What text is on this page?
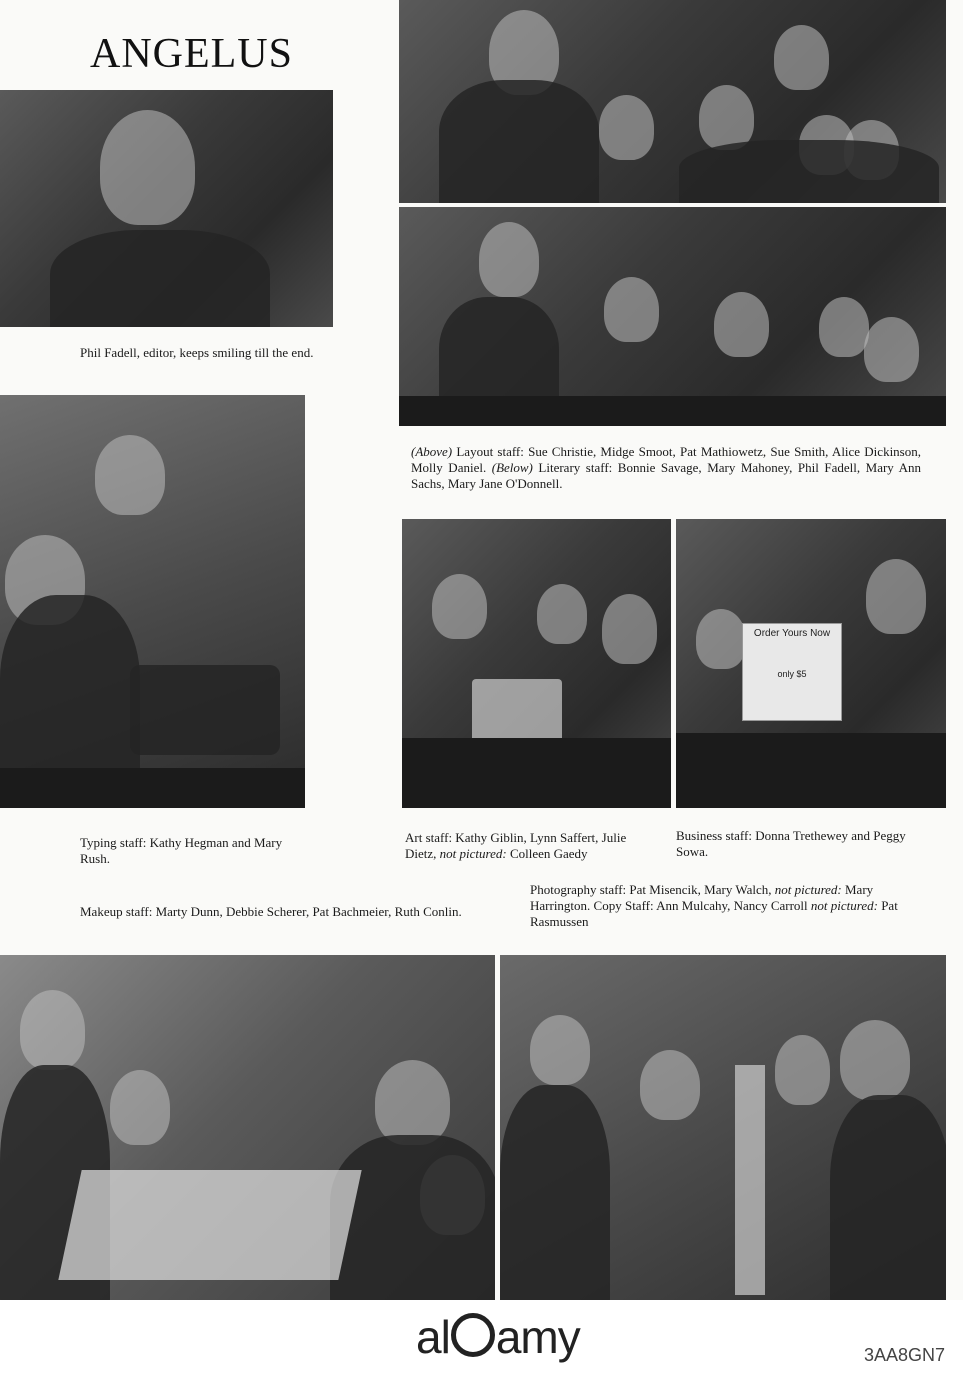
ANGELUS
Phil Fadell, editor, keeps smiling till the end.
(Above) Layout staff: Sue Christie, Midge Smoot, Pat Mathiowetz, Sue Smith, Alice Dickinson, Molly Daniel. (Below) Literary staff: Bonnie Savage, Mary Mahoney, Phil Fadell, Mary Ann Sachs, Mary Jane O'Donnell.
Typing staff: Kathy Hegman and Mary Rush.
Art staff: Kathy Giblin, Lynn Saffert, Julie Dietz, not pictured: Colleen Gaedy
Order Yours Now
only $5
Business staff: Donna Trethewey and Peggy Sowa.
Photography staff: Pat Misencik, Mary Walch, not pictured: Mary Harrington. Copy Staff: Ann Mulcahy, Nancy Carroll not pictured: Pat Rasmussen
Makeup staff: Marty Dunn, Debbie Scherer, Pat Bachmeier, Ruth Conlin.
al amy	3AA8GN7
